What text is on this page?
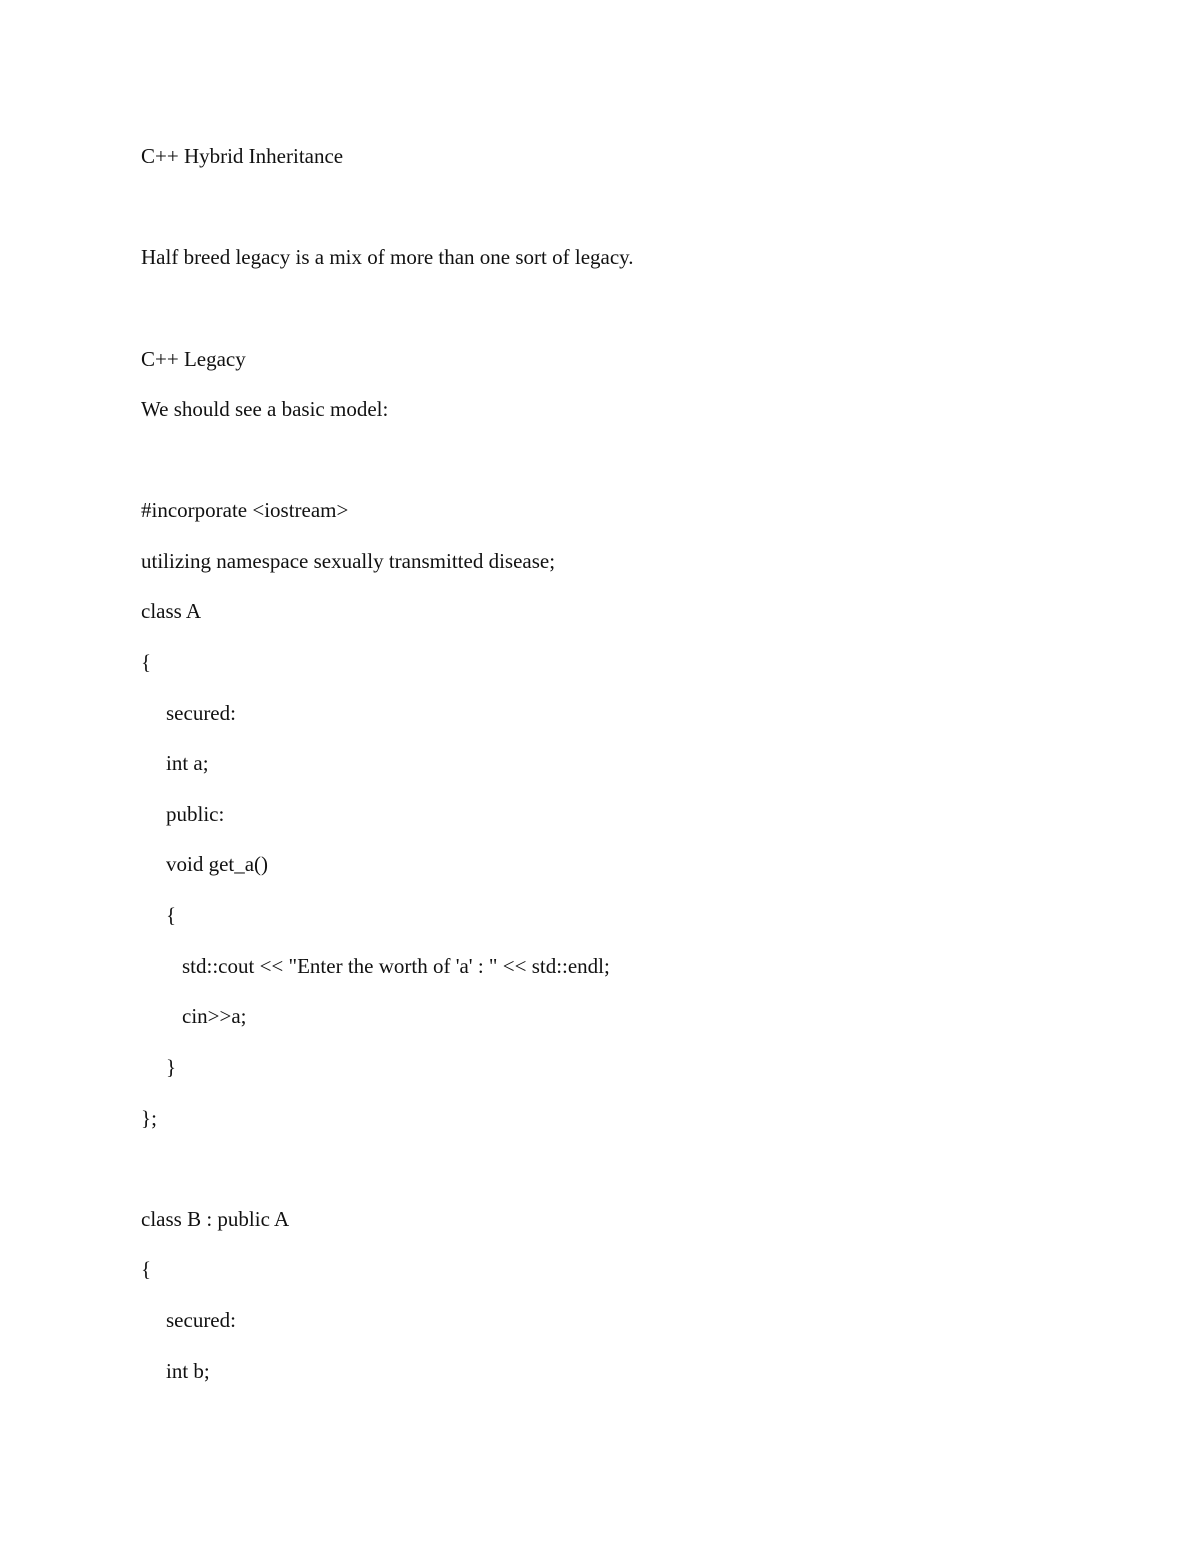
C++ Hybrid Inheritance
Half breed legacy is a mix of more than one sort of legacy.
C++ Legacy
We should see a basic model:
#incorporate <iostream>
utilizing namespace sexually transmitted disease;
class A
{
secured:
int a;
public:
void get_a()
{
std::cout << "Enter the worth of 'a' : " << std::endl;
cin>>a;
}
};
class B : public A
{
secured:
int b;
